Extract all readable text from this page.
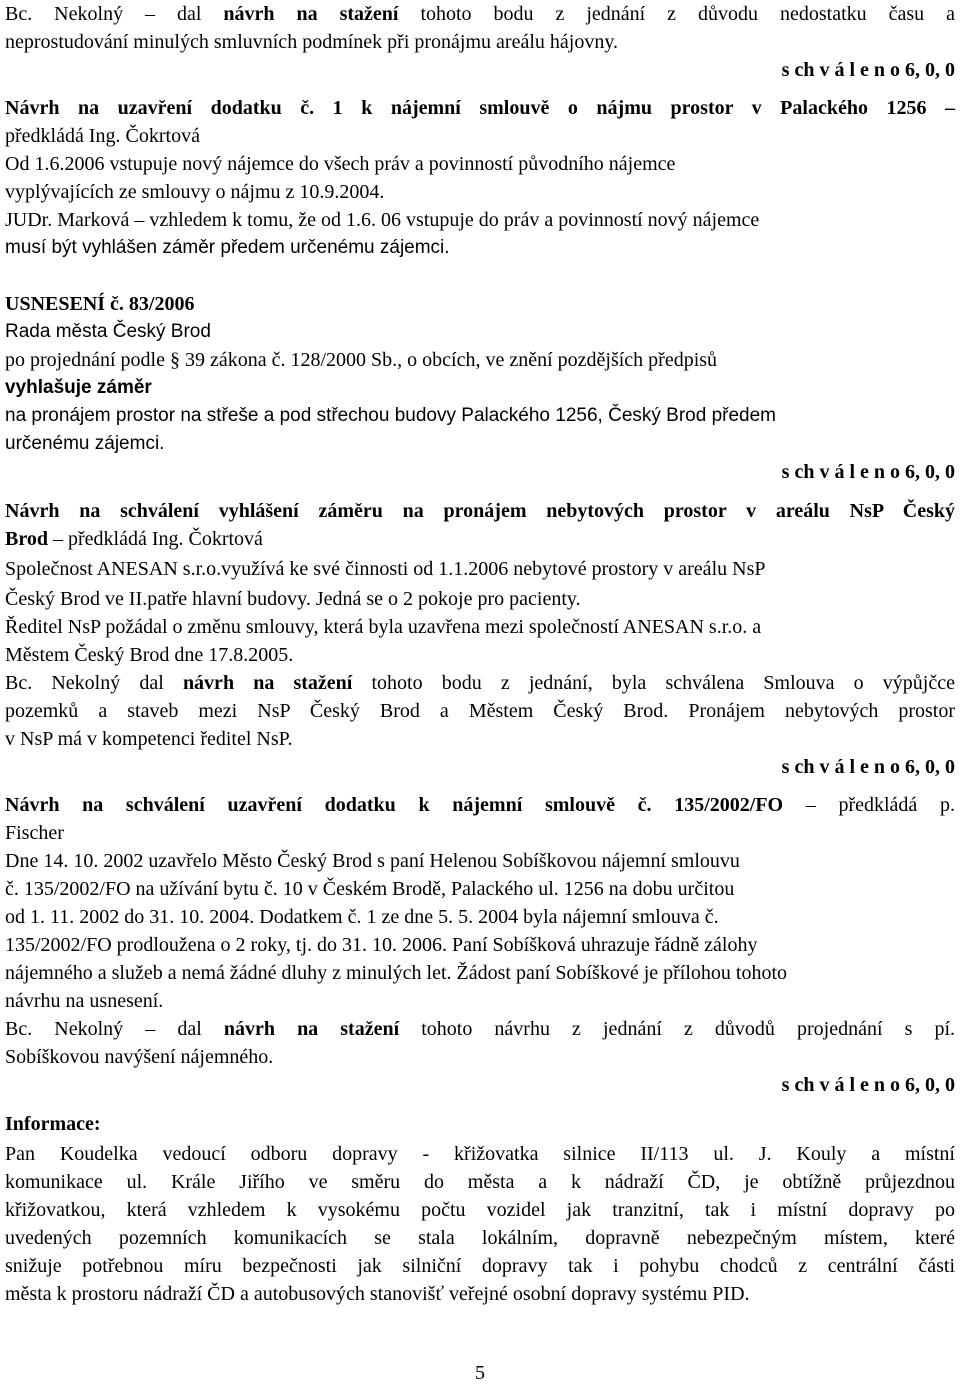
Bc. Nekolný – dal návrh na stažení tohoto bodu z jednání z důvodu nedostatku času a
neprostudování minulých smluvních podmínek při pronájmu areálu hájovny.
s ch v á l e n o 6, 0, 0
Návrh na uzavření dodatku č. 1 k nájemní smlouvě o nájmu prostor v Palackého 1256 –
předkládá Ing. Čokrtová
Od 1.6.2006 vstupuje nový nájemce do všech práv a povinností původního nájemce
vyplývajících ze smlouvy o nájmu z 10.9.2004.
JUDr. Marková – vzhledem k tomu, že od 1.6. 06 vstupuje do práv a povinností nový nájemce
musí být vyhlášen záměr předem určenému zájemci.
USNESENÍ č. 83/2006
Rada města Český Brod
po projednání podle § 39 zákona č. 128/2000 Sb., o obcích, ve znění pozdějších předpisů
vyhlašuje záměr
na pronájem prostor na střeše a pod střechou budovy Palackého 1256, Český Brod předem
určenému zájemci.
s ch v á l e n o 6, 0, 0
Návrh na schválení vyhlášení záměru na pronájem nebytových prostor v areálu NsP Český
Brod – předkládá Ing. Čokrtová
Společnost ANESAN s.r.o.využívá ke své činnosti od 1.1.2006 nebytové prostory v areálu NsP
Český Brod ve II.patře hlavní budovy. Jedná se o 2 pokoje pro pacienty.
Ředitel NsP požádal o změnu smlouvy, která byla uzavřena mezi společností ANESAN s.r.o. a
Městem Český Brod dne 17.8.2005.
Bc. Nekolný dal návrh na stažení tohoto bodu z jednání, byla schválena Smlouva o výpůjčce
pozemků a staveb mezi NsP Český Brod a Městem Český Brod. Pronájem nebytových prostor
v NsP má v kompetenci ředitel NsP.
s ch v á l e n o 6, 0, 0
Návrh na schválení uzavření dodatku k nájemní smlouvě č. 135/2002/FO – předkládá p.
Fischer
Dne 14. 10. 2002 uzavřelo Město Český Brod s paní Helenou Sobíškovou nájemní smlouvu
č. 135/2002/FO na užívání bytu č. 10 v Českém Brodě, Palackého ul. 1256 na dobu určitou
od 1. 11. 2002 do 31. 10. 2004. Dodatkem č. 1 ze dne 5. 5. 2004 byla nájemní smlouva č.
135/2002/FO prodloužena o 2 roky, tj. do 31. 10. 2006. Paní Sobíšková uhrazuje řádně zálohy
nájemného a služeb a nemá žádné dluhy z minulých let. Žádost paní Sobíškové je přílohou tohoto
návrhu na usnesení.
Bc. Nekolný – dal návrh na stažení tohoto návrhu z jednání z důvodů projednání s pí.
Sobíškovou navýšení nájemného.
s ch v á l e n o 6, 0, 0
Informace:
Pan Koudelka vedoucí odboru dopravy - křižovatka silnice II/113 ul. J. Kouly a místní
komunikace ul. Krále Jiřího ve směru do města a k nádraží ČD, je obtížně průjezdnou
křižovatkou, která vzhledem k vysokému počtu vozidel jak tranzitní, tak i místní dopravy po
uvedených pozemních komunikacích se stala lokálním, dopravně nebezpečným místem, které
snižuje potřebnou míru bezpečnosti jak silniční dopravy tak i pohybu chodců z centrální části
města k prostoru nádraží ČD a autobusových stanovišť veřejné osobní dopravy systému PID.
5
